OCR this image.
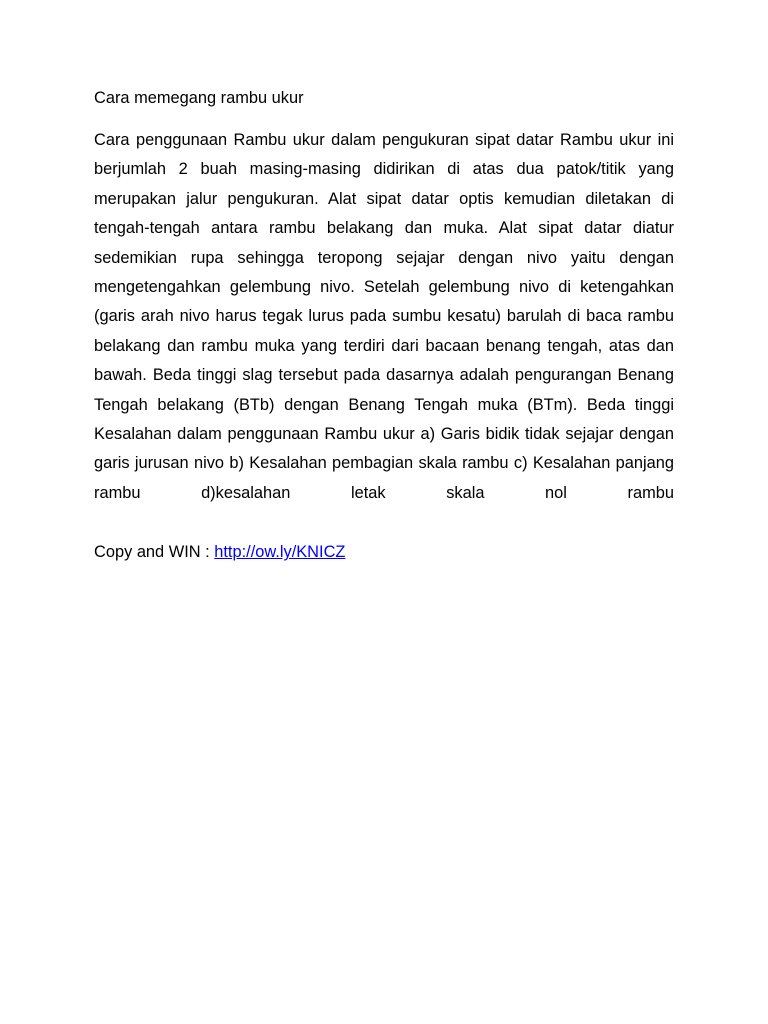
Cara memegang rambu ukur

Cara penggunaan Rambu ukur dalam pengukuran sipat datar Rambu ukur ini berjumlah 2 buah masing-masing didirikan di atas dua patok/titik yang merupakan jalur pengukuran. Alat sipat datar optis kemudian diletakan di tengah-tengah antara rambu belakang dan muka. Alat sipat datar diatur sedemikian rupa sehingga teropong sejajar dengan nivo yaitu dengan mengetengahkan gelembung nivo. Setelah gelembung nivo di ketengahkan (garis arah nivo harus tegak lurus pada sumbu kesatu) barulah di baca rambu belakang dan rambu muka yang terdiri dari bacaan benang tengah, atas dan bawah. Beda tinggi slag tersebut pada dasarnya adalah pengurangan Benang Tengah belakang (BTb) dengan Benang Tengah muka (BTm). Beda tinggi Kesalahan dalam penggunaan Rambu ukur a) Garis bidik tidak sejajar dengan garis jurusan nivo b) Kesalahan pembagian skala rambu c) Kesalahan panjang rambu d)kesalahan letak skala nol rambu

Copy and WIN : http://ow.ly/KNICZ
